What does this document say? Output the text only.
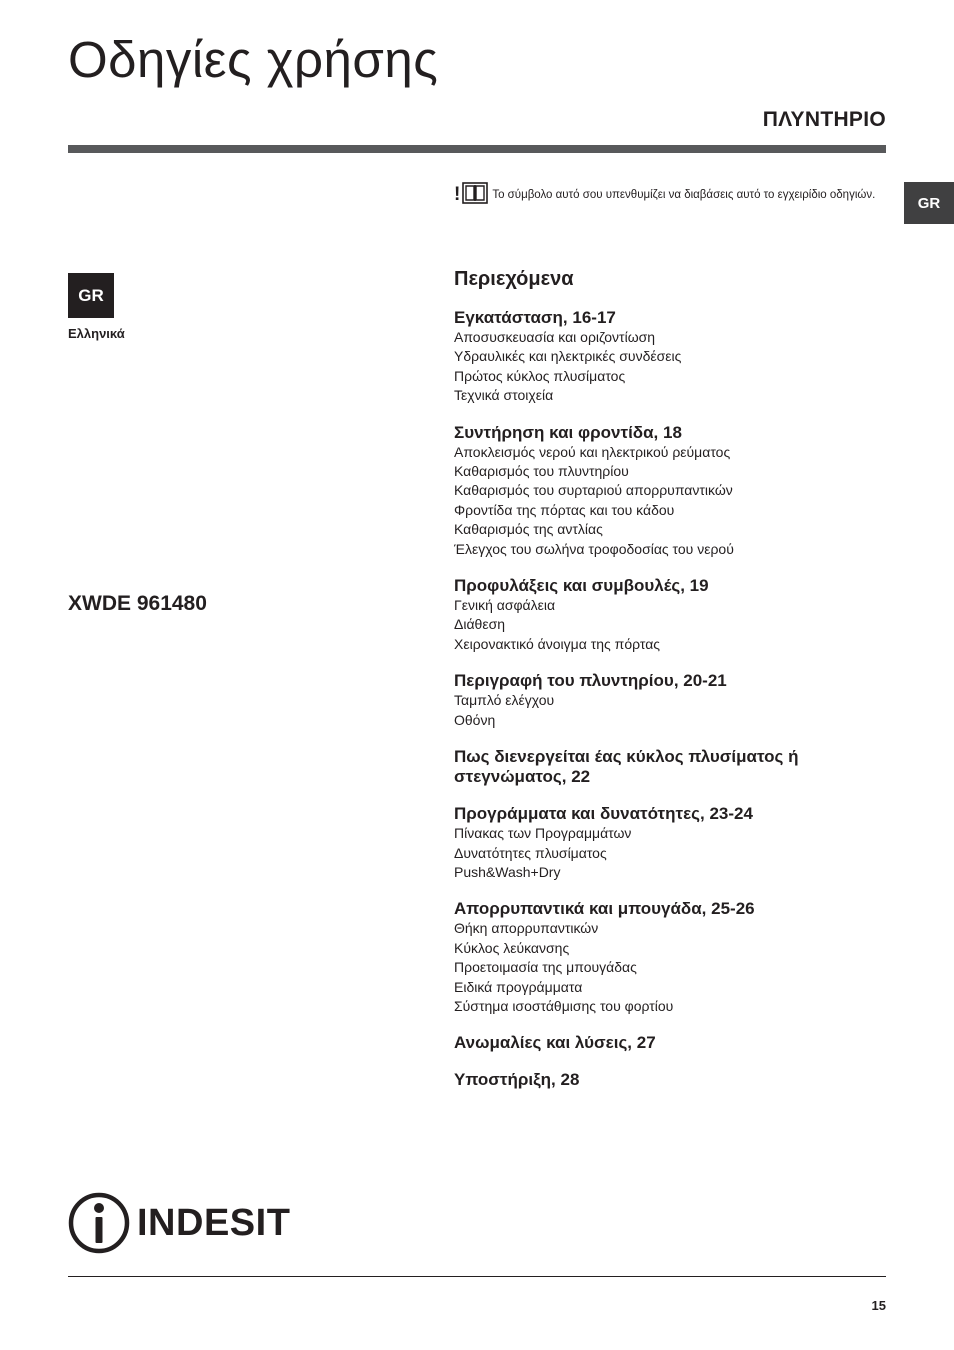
Οδηγίες χρήσης
ΠΛΥΝΤΗΡΙΟ
GR
GR
Ελληνικά
XWDE 961480
!	Το σύμβολο αυτό σου υπενθυμίζει να διαβάσεις αυτό το εγχειρίδιο οδηγιών.
Περιεχόμενα
Εγκατάσταση, 16-17
Αποσυσκευασία και οριζοντίωση
Υδραυλικές και ηλεκτρικές συνδέσεις
Πρώτος κύκλος πλυσίματος
Τεχνικά στοιχεία
Συντήρηση και φροντίδα, 18
Αποκλεισμός νερού και ηλεκτρικού ρεύματος
Καθαρισμός του πλυντηρίου
Καθαρισμός του συρταριού απορρυπαντικών
Φροντίδα της πόρτας και του κάδου
Καθαρισμός της αντλίας
Έλεγχος του σωλήνα τροφοδοσίας του νερού
Προφυλάξεις και συμβουλές, 19
Γενική ασφάλεια
Διάθεση
Χειρονακτικό άνοιγμα της πόρτας
Περιγραφή του πλυντηρίου, 20-21
Ταμπλό ελέγχου
Οθόνη
Πως διενεργείται έας κύκλος πλυσίματος ή στεγνώματος, 22
Προγράμματα και δυνατότητες, 23-24
Πίνακας των Προγραμμάτων
Δυνατότητες πλυσίματος
Push&Wash+Dry
Απορρυπαντικά και μπουγάδα, 25-26
Θήκη απορρυπαντικών
Κύκλος λεύκανσης
Προετοιμασία της μπουγάδας
Ειδικά προγράμματα
Σύστημα ισοστάθμισης του φορτίου
Ανωμαλίες και λύσεις, 27
Υποστήριξη, 28
INDESIT
15
